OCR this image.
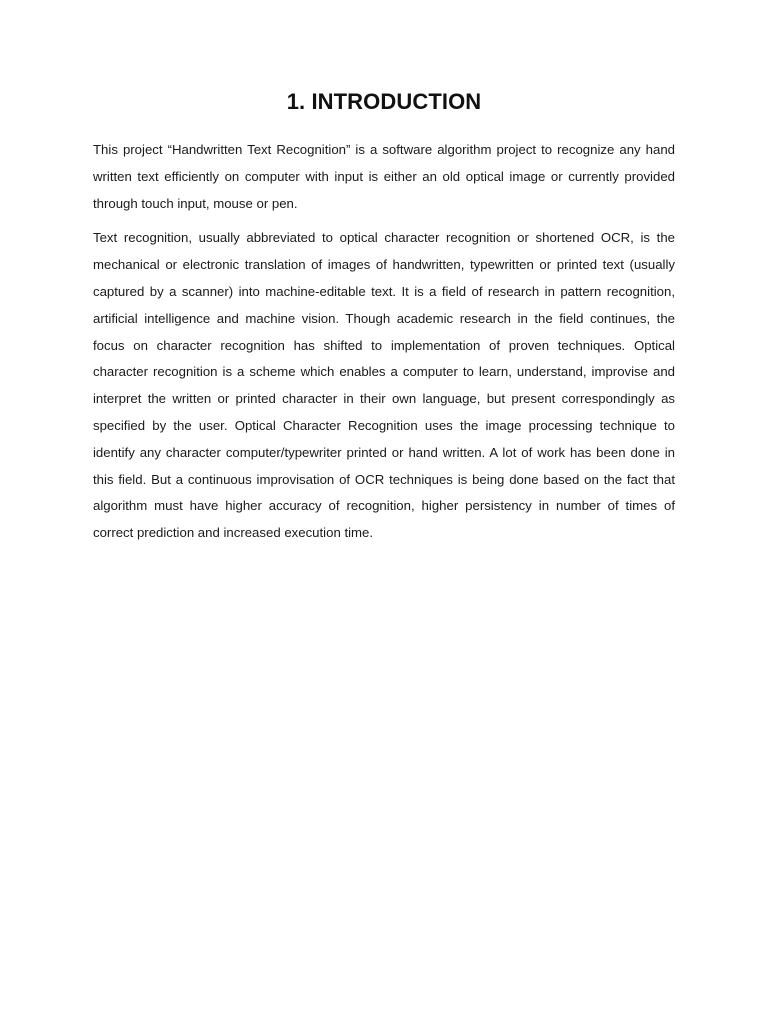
1. INTRODUCTION

This project “Handwritten Text Recognition” is a software algorithm project to recognize any hand written text efficiently on computer with input is either an old optical image or currently provided through touch input, mouse or pen.

Text recognition, usually abbreviated to optical character recognition or shortened OCR, is the mechanical or electronic translation of images of handwritten, typewritten or printed text (usually captured by a scanner) into machine-editable text. It is a field of research in pattern recognition, artificial intelligence and machine vision. Though academic research in the field continues, the focus on character recognition has shifted to implementation of proven techniques. Optical character recognition is a scheme which enables a computer to learn, understand, improvise and interpret the written or printed character in their own language, but present correspondingly as specified by the user. Optical Character Recognition uses the image processing technique to identify any character computer/typewriter printed or hand written. A lot of work has been done in this field. But a continuous improvisation of OCR techniques is being done based on the fact that algorithm must have higher accuracy of recognition, higher persistency in number of times of correct prediction and increased execution time.
